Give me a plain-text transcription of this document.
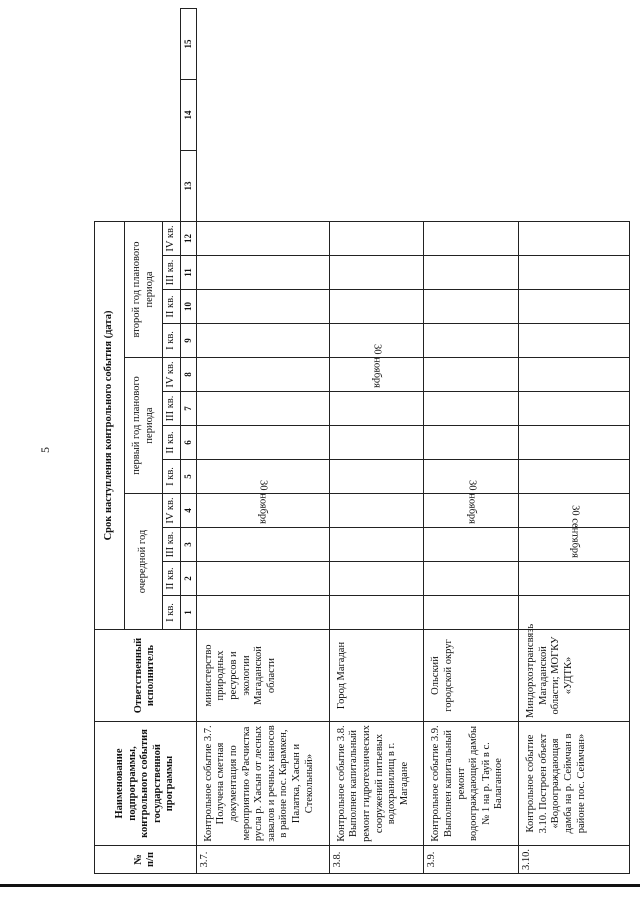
5
№ п/п	Наименование подпрограммы, контрольного события государственной программы	Ответственный исполнитель	Срок наступления контрольного события (дата)														
			очередной год				первый год планового периода				второй год планового периода						
			I кв.	II кв.	III кв.	IV кв.	I кв.	II кв.	III кв.	IV кв.	I кв.	II кв.	III кв.	IV кв.			
			1	2	3	4	5	6	7	8	9	10	11	12	13	14	15
3.7.	Контрольное событие 3.7. Получена сметная документация по мероприятию «Расчистка русла р. Хасын от лесных завалов и речных наносов в районе пос. Карамкен, Палатка, Хасын и Стекольный»	министерство природных ресурсов и экологии Магаданской области				30 ноября											
3.8.	Контрольное событие 3.8. Выполнен капитальный ремонт гидротехнических сооружений питьевых водохранилищ в г. Магадане	Город Магадан								30 ноября							
3.9.	Контрольное событие 3.9. Выполнен капитальный ремонт водоограждающей дамбы № 1 на р. Тауй в с. Балаганное	Ольский городской округ				30 ноября											
3.10.	Контрольное событие 3.10. Построен объект «Водоограждающая дамба на р. Сеймчан в районе пос. Сеймчан»	Миндорхозтрансвязь Магаданской области; МОГКУ «УДТК»			30 сентября												
